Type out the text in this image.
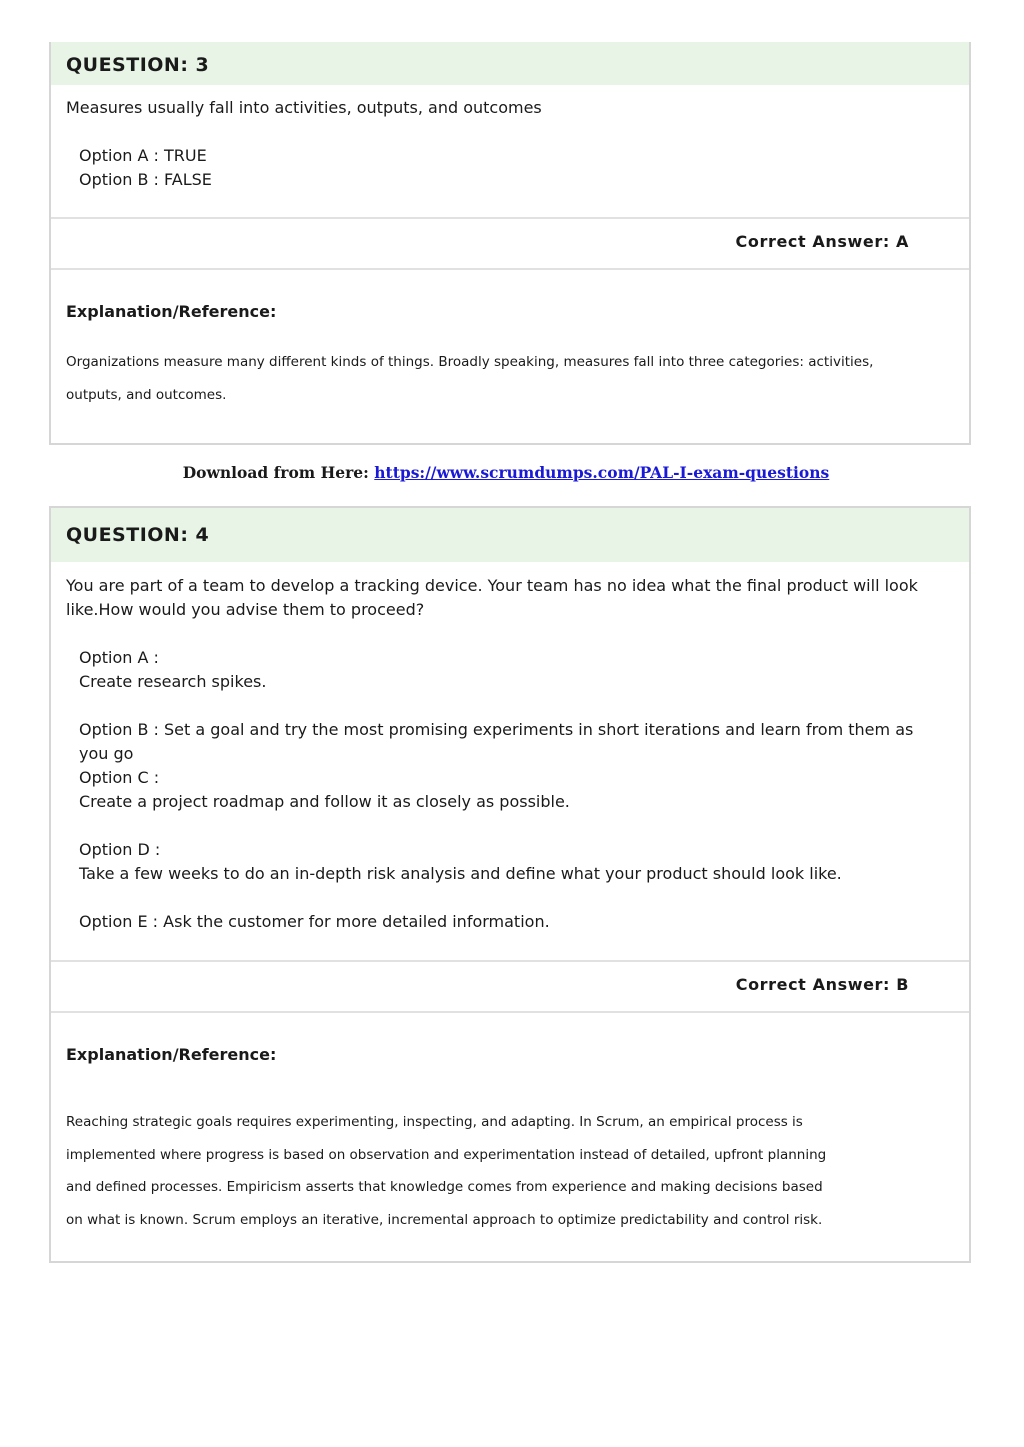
QUESTION: 3

Measures usually fall into activities, outputs, and outcomes

Option A : TRUE
Option B : FALSE
Correct Answer: A
Explanation/Reference:

Organizations measure many different kinds of things. Broadly speaking, measures fall into three categories: activities,
outputs, and outcomes.

Download from Here: https://www.scrumdumps.com/PAL-I-exam-questions
QUESTION: 4

You are part of a team to develop a tracking device. Your team has no idea what the final product will look
like.How would you advise them to proceed?

Option A :
Create research spikes.
Option B : Set a goal and try the most promising experiments in short iterations and learn from them as
you go
Option C :
Create a project roadmap and follow it as closely as possible.
Option D :
Take a few weeks to do an in-depth risk analysis and define what your product should look like.
Option E : Ask the customer for more detailed information.
Correct Answer: B
Explanation/Reference:

Reaching strategic goals requires experimenting, inspecting, and adapting. In Scrum, an empirical process is
implemented where progress is based on observation and experimentation instead of detailed, upfront planning
and defined processes. Empiricism asserts that knowledge comes from experience and making decisions based
on what is known. Scrum employs an iterative, incremental approach to optimize predictability and control risk.
